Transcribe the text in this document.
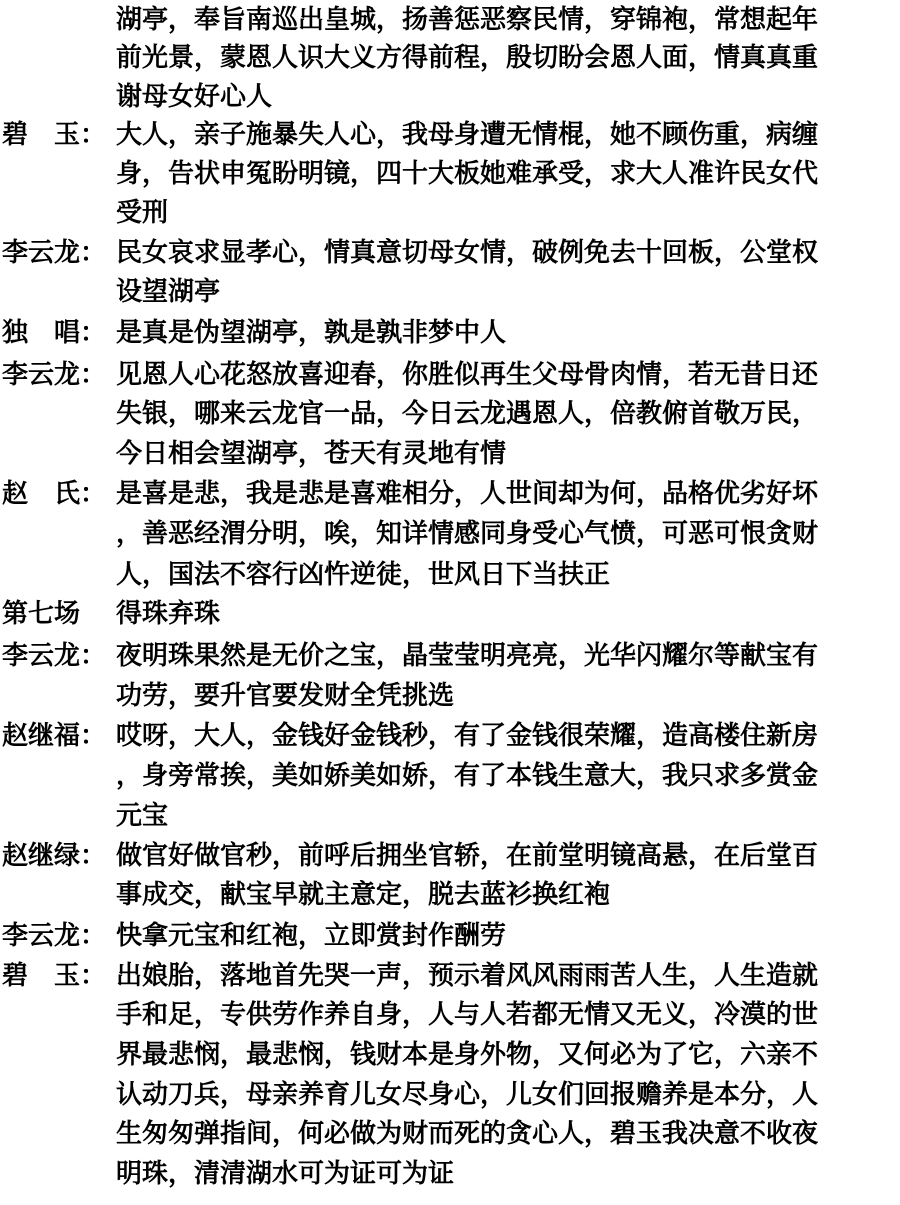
湖亭，奉旨南巡出皇城，扬善惩恶察民情，穿锦袍，常想起年
前光景，蒙恩人识大义方得前程，殷切盼会恩人面，情真真重
谢母女好心人
碧　玉： 大人，亲子施暴失人心，我母身遭无情棍，她不顾伤重，病缠
身，告状申冤盼明镜，四十大板她难承受，求大人准许民女代
受刑
李云龙： 民女哀求显孝心，情真意切母女情，破例免去十回板，公堂权
设望湖亭
独　唱： 是真是伪望湖亭，孰是孰非梦中人
李云龙： 见恩人心花怒放喜迎春，你胜似再生父母骨肉情，若无昔日还
失银，哪来云龙官一品，今日云龙遇恩人，倍教俯首敬万民，
今日相会望湖亭，苍天有灵地有情
赵　氏： 是喜是悲，我是悲是喜难相分，人世间却为何，品格优劣好坏
，善恶经渭分明，唉，知详情感同身受心气愤，可恶可恨贪财
人，国法不容行凶忤逆徒，世风日下当扶正
第七场 得珠弃珠
李云龙： 夜明珠果然是无价之宝，晶莹莹明亮亮，光华闪耀尔等献宝有
功劳，要升官要发财全凭挑选
赵继福： 哎呀，大人，金钱好金钱秒，有了金钱很荣耀，造高楼住新房
，身旁常挨，美如娇美如娇，有了本钱生意大，我只求多赏金
元宝
赵继绿： 做官好做官秒，前呼后拥坐官轿，在前堂明镜高悬，在后堂百
事成交，献宝早就主意定，脱去蓝衫换红袍
李云龙： 快拿元宝和红袍，立即赏封作酬劳
碧　玉： 出娘胎，落地首先哭一声，预示着风风雨雨苦人生，人生造就
手和足，专供劳作养自身，人与人若都无情又无义，冷漠的世
界最悲悯，最悲悯，钱财本是身外物，又何必为了它，六亲不
认动刀兵，母亲养育儿女尽身心，儿女们回报赡养是本分，人
生匆匆弹指间，何必做为财而死的贪心人，碧玉我决意不收夜
明珠，清清湖水可为证可为证
